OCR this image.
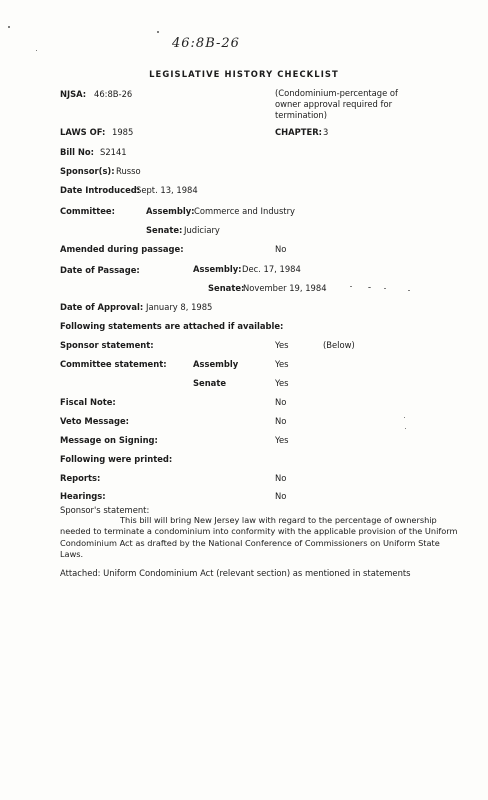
46:8B-26
LEGISLATIVE HISTORY CHECKLIST
NJSA: 46:8B-26	(Condominium-percentage of
owner approval required for
termination)
LAWS OF: 1985	CHAPTER: 3
Bill No: S2141
Sponsor(s): Russo
Date Introduced:
Sept. 13, 1984
Committee:	Assembly: Commerce and Industry
Senate: Judiciary
Amended during passage:	No
Date of Passage:	Assembly: Dec. 17, 1984
Senate:
November 19, 1984
Date of Approval: January 8, 1985
Following statements are attached if available:
Sponsor statement:	Yes	(Below)
Committee statement:	Assembly	Yes
Senate	Yes
Fiscal Note:	No
Veto Message:	No
Message on Signing:	Yes
Following were printed:
Reports:	No
Hearings:	No
Sponsor's statement:
This bill will bring New Jersey law with regard to the percentage of ownership needed to terminate a condominium into conformity with the applicable provision of the Uniform Condominium Act as drafted by the National Conference of Commissioners on Uniform State Laws.
Attached: Uniform Condominium Act (relevant section) as mentioned in statements
